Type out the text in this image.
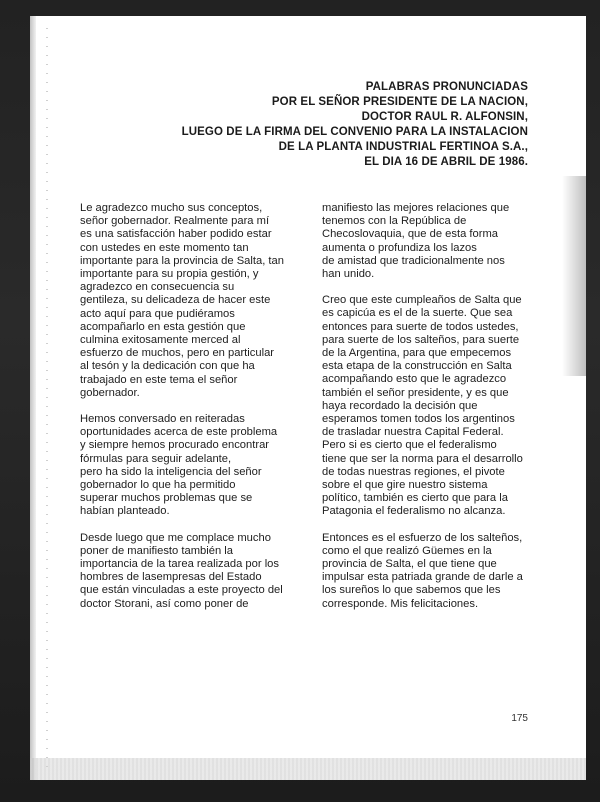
PALABRAS PRONUNCIADAS
POR EL SEÑOR PRESIDENTE DE LA NACION,
DOCTOR RAUL R. ALFONSIN,
LUEGO DE LA FIRMA DEL CONVENIO PARA LA INSTALACION
DE LA PLANTA INDUSTRIAL FERTINOA S.A.,
EL DIA 16 DE ABRIL DE 1986.
Le agradezco mucho sus conceptos,
señor gobernador. Realmente para mí
es una satisfacción haber podido estar
con ustedes en este momento tan
importante para la provincia de Salta, tan
importante para su propia gestión, y
agradezco en consecuencia su
gentileza, su delicadeza de hacer este
acto aquí para que pudiéramos
acompañarlo en esta gestión que
culmina exitosamente merced al
esfuerzo de muchos, pero en particular
al tesón y la dedicación con que ha
trabajado en este tema el señor
gobernador.
Hemos conversado en reiteradas
oportunidades acerca de este problema
y siempre hemos procurado encontrar
fórmulas para seguir adelante,
pero ha sido la inteligencia del señor
gobernador lo que ha permitido
superar muchos problemas que se
habían planteado.
Desde luego que me complace mucho
poner de manifiesto también la
importancia de la tarea realizada por los
hombres de lasempresas del Estado
que están vinculadas a este proyecto del
doctor Storani, así como poner de
manifiesto las mejores relaciones que
tenemos con la República de
Checoslovaquia, que de esta forma
aumenta o profundiza los lazos
de amistad que tradicionalmente nos
han unido.
Creo que este cumpleaños de Salta que
es capicúa es el de la suerte. Que sea
entonces para suerte de todos ustedes,
para suerte de los salteños, para suerte
de la Argentina, para que empecemos
esta etapa de la construcción en Salta
acompañando esto que le agradezco
también el señor presidente, y es que
haya recordado la decisión que
esperamos tomen todos los argentinos
de trasladar nuestra Capital Federal.
Pero si es cierto que el federalismo
tiene que ser la norma para el desarrollo
de todas nuestras regiones, el pivote
sobre el que gire nuestro sistema
político, también es cierto que para la
Patagonia el federalismo no alcanza.
Entonces es el esfuerzo de los salteños,
como el que realizó Güemes en la
provincia de Salta, el que tiene que
impulsar esta patriada grande de darle a
los sureños lo que sabemos que les
corresponde. Mis felicitaciones.
175
